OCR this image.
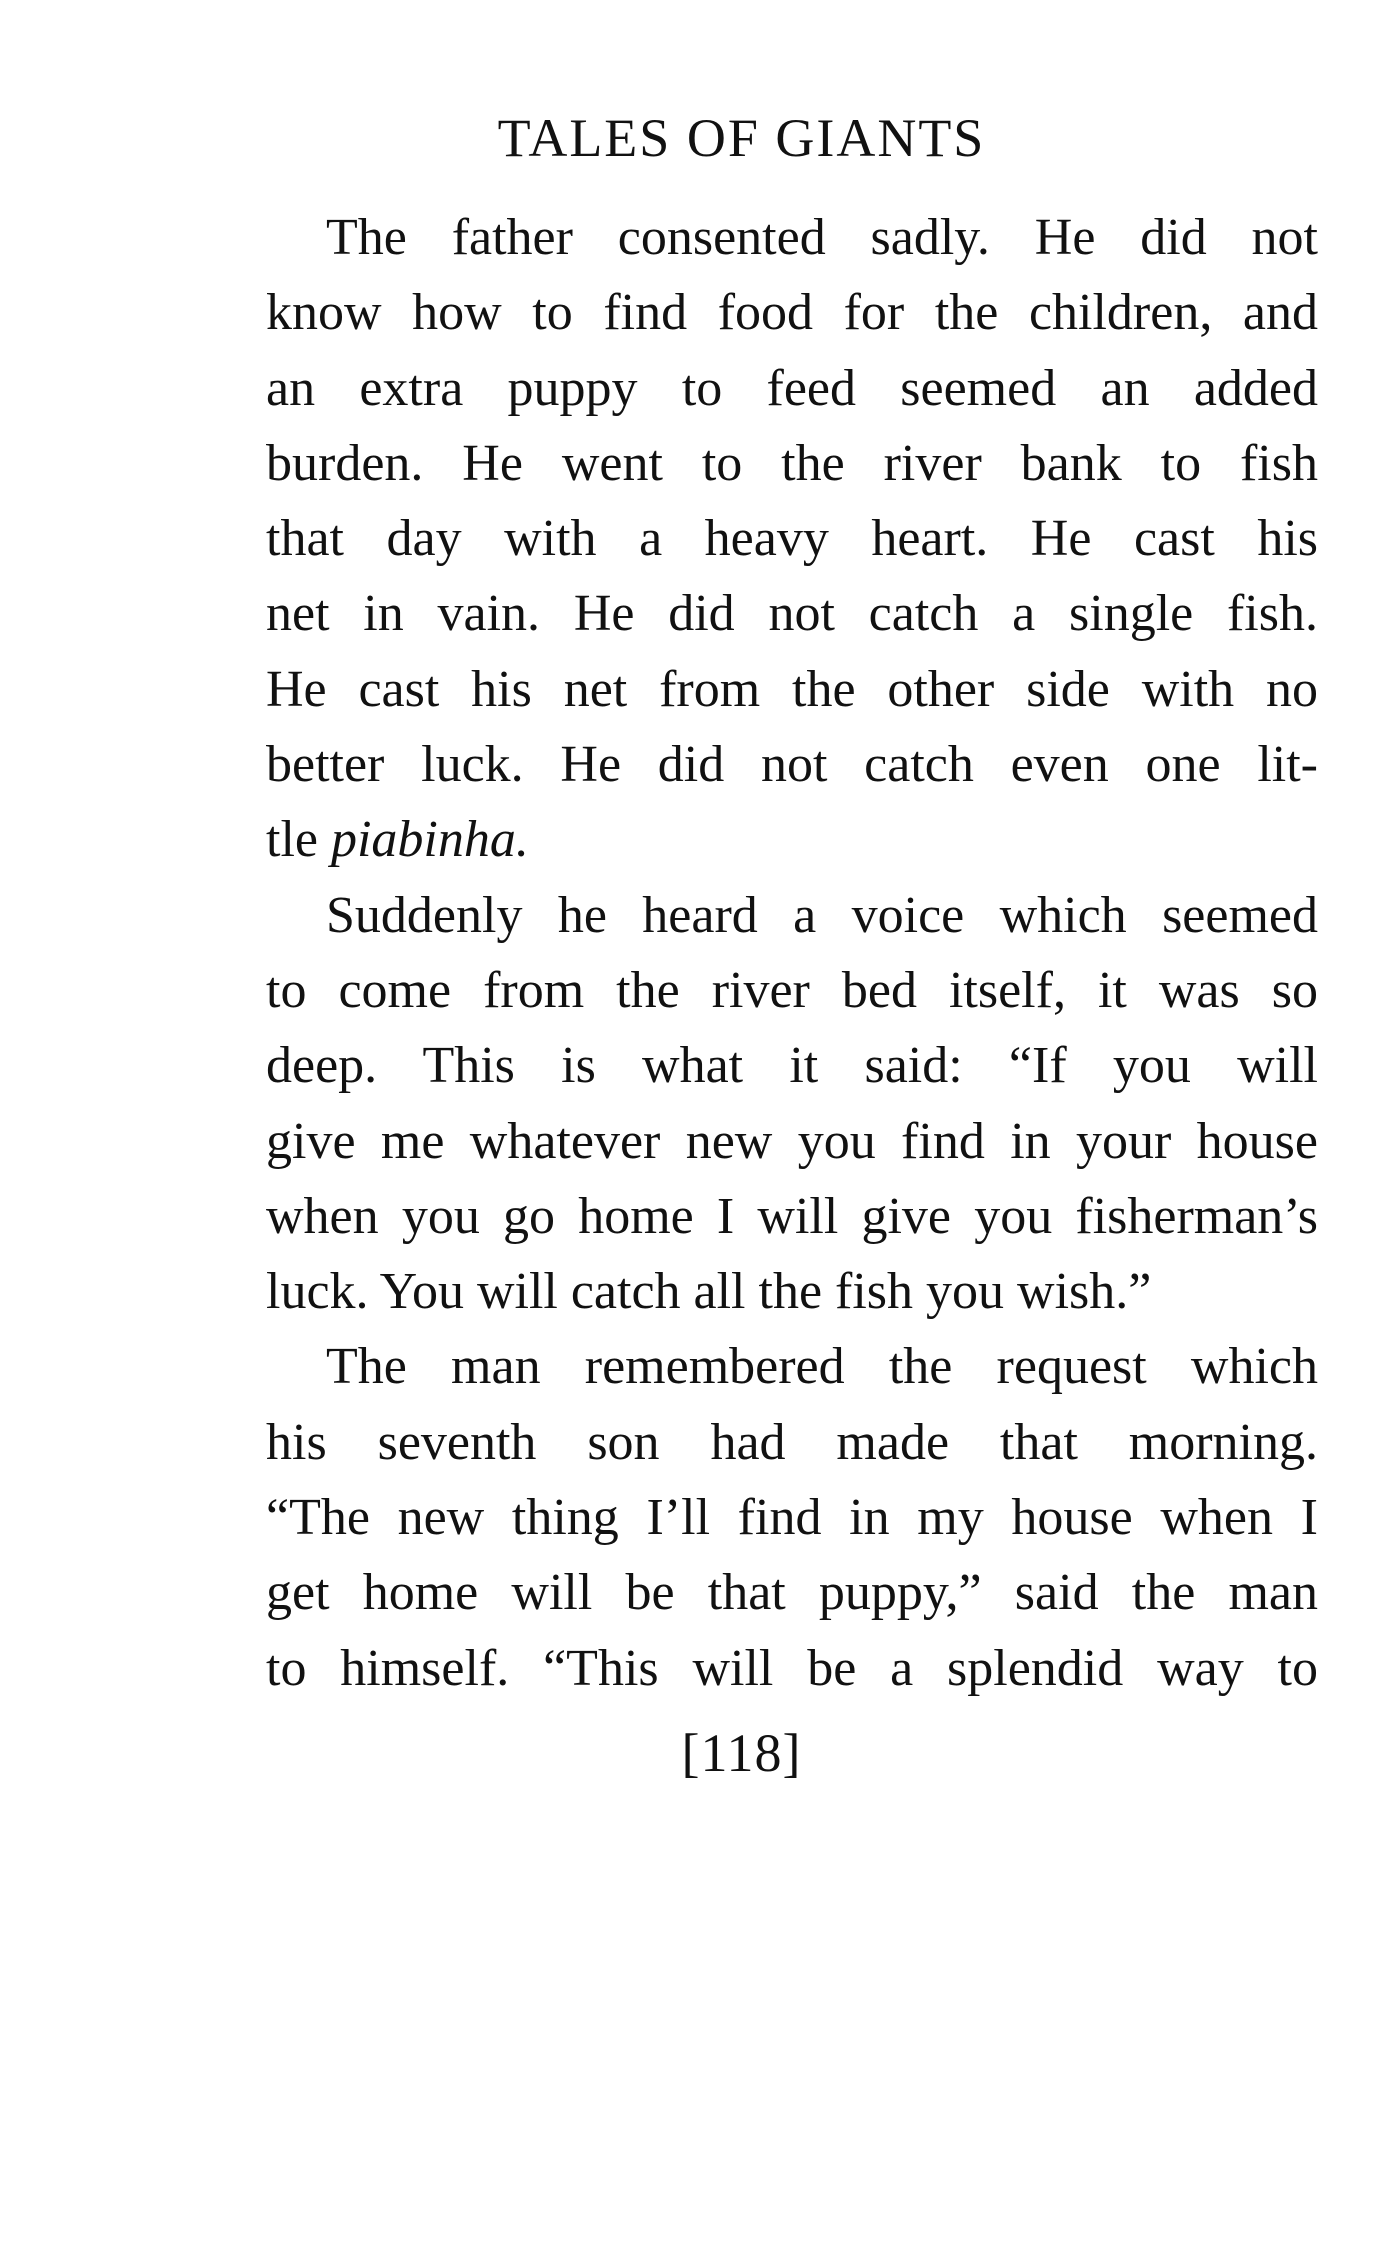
TALES OF GIANTS
The father consented sadly. He did not
know how to find food for the children, and
an extra puppy to feed seemed an added
burden. He went to the river bank to fish
that day with a heavy heart. He cast his
net in vain. He did not catch a single fish.
He cast his net from the other side with no
better luck. He did not catch even one lit-
tle piabinha.
Suddenly he heard a voice which seemed
to come from the river bed itself, it was so
deep. This is what it said: “If you will
give me whatever new you find in your house
when you go home I will give you fisherman’s
luck. You will catch all the fish you wish.”
The man remembered the request which
his seventh son had made that morning.
“The new thing I’ll find in my house when I
get home will be that puppy,” said the man
to himself. “This will be a splendid way to
[118]
